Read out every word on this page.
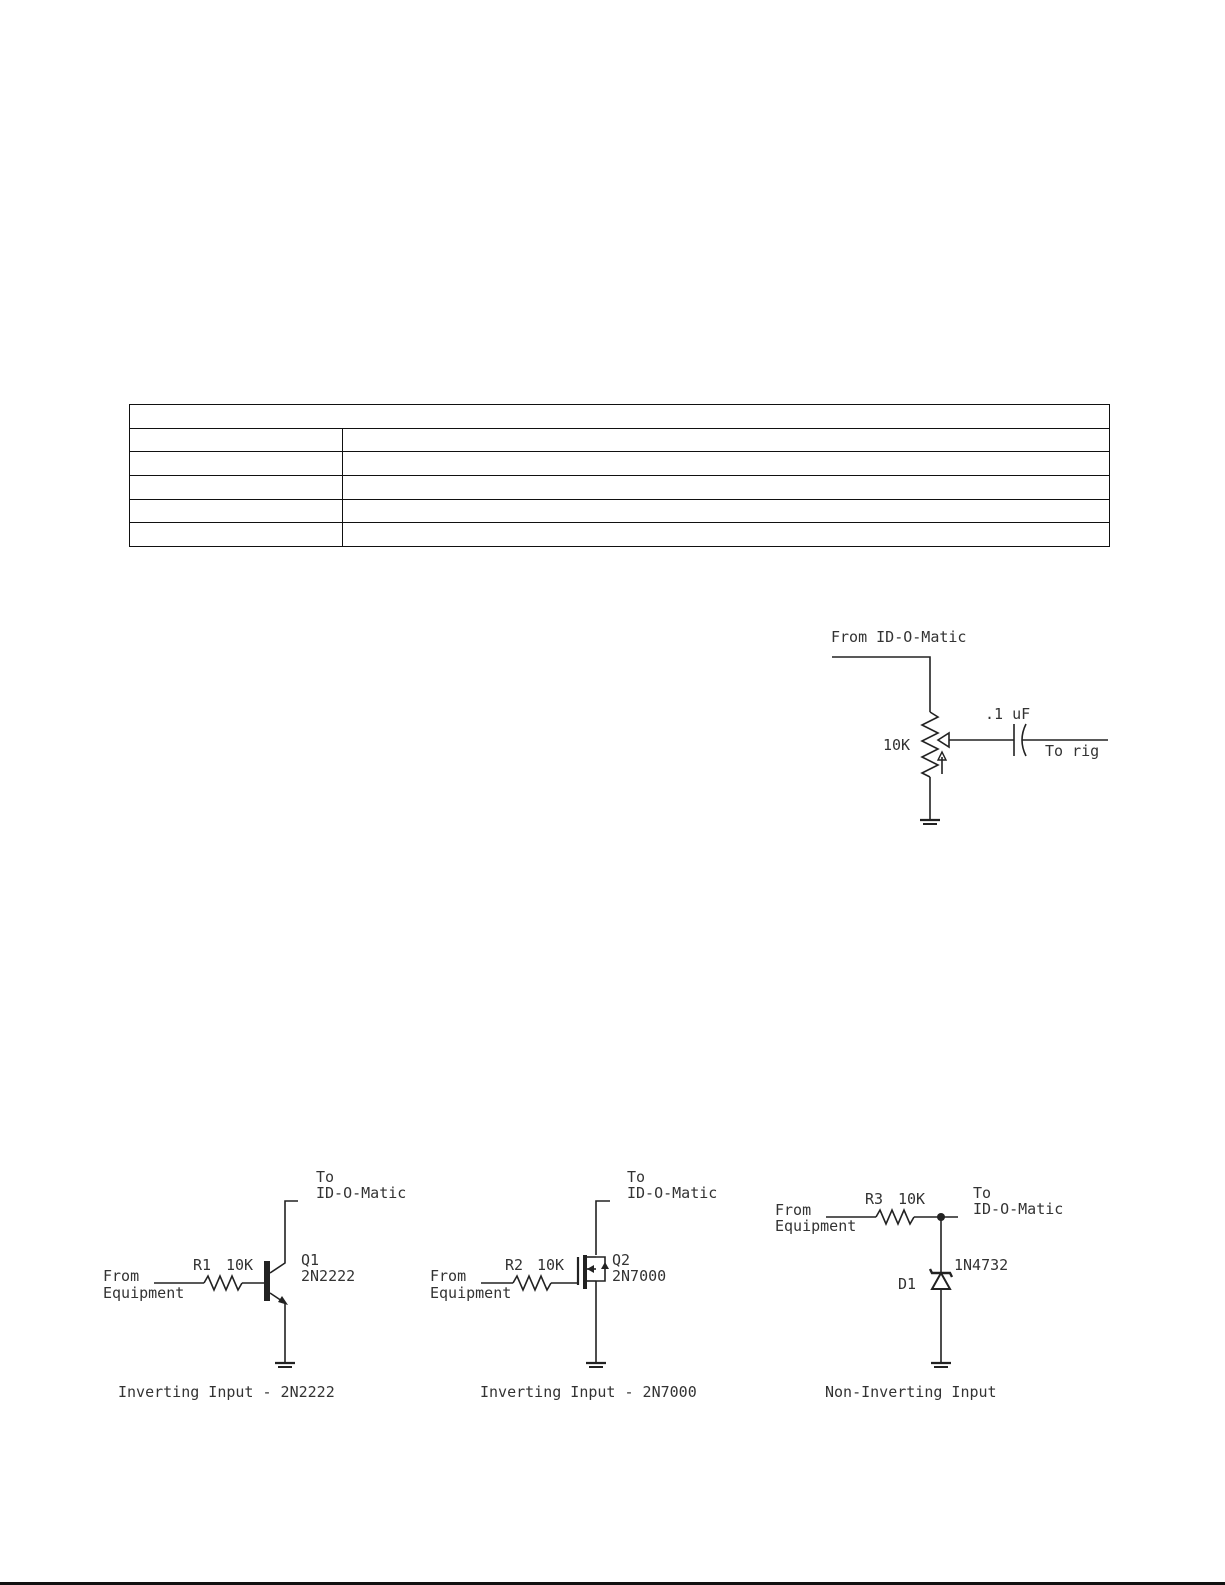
From ID-O-Matic
10K
.1 uF
To rig
To
ID-O-Matic
From
Equipment
R1 10K	Q1
2N2222
Inverting Input - 2N2222
To
ID-O-Matic
From
Equipment
R2 10K	Q2
2N7000
Inverting Input - 2N7000
From
Equipment
R3 10K	To
ID-O-Matic
D1
1N4732
Non-Inverting Input
